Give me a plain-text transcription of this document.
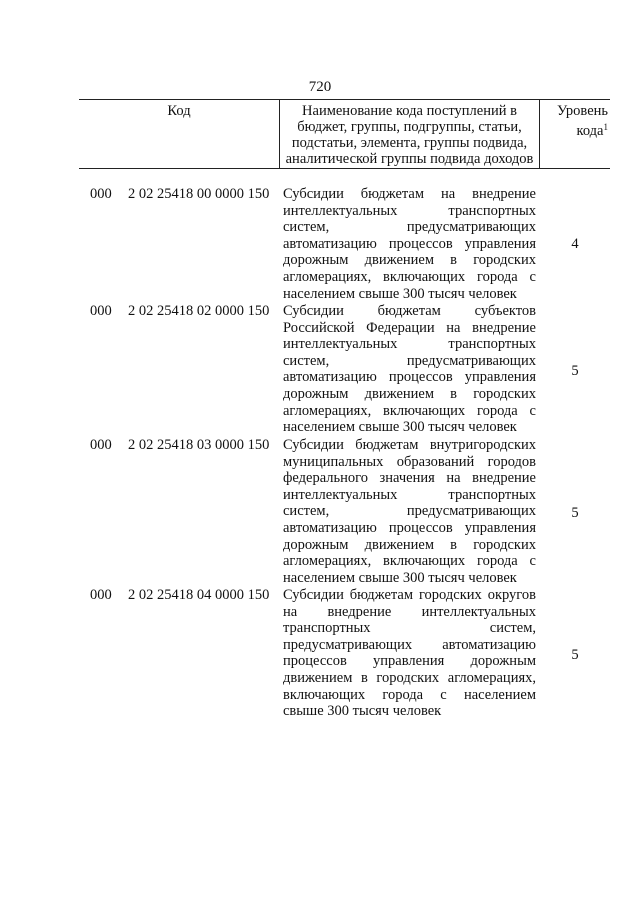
720
Код	Наименование кода поступлений в
бюджет, группы, подгруппы, статьи,
подстатьи, элемента, группы подвида,
аналитической группы подвида доходов
Уровень
кода$^1$
000 2 02 25418 00 0000 150 Субсидии бюджетам на внедрение
интеллектуальных транспортных
систем, предусматривающих
автоматизацию процессов управления
дорожным движением в городских
агломерациях, включающих города с
населением свыше 300 тысяч человек
4
000 2 02 25418 02 0000 150 Субсидии бюджетам субъектов
Российской Федерации на внедрение
интеллектуальных транспортных
систем, предусматривающих
автоматизацию процессов управления
дорожным движением в городских
агломерациях, включающих города с
населением свыше 300 тысяч человек
5
000 2 02 25418 03 0000 150 Субсидии бюджетам внутригородских
муниципальных образований городов
федерального значения на внедрение
интеллектуальных транспортных
систем, предусматривающих
автоматизацию процессов управления
дорожным движением в городских
агломерациях, включающих города с
населением свыше 300 тысяч человек
5
000 2 02 25418 04 0000 150 Субсидии бюджетам городских округов
на внедрение интеллектуальных
транспортных систем,
предусматривающих автоматизацию
процессов управления дорожным
движением в городских агломерациях,
включающих города с населением
свыше 300 тысяч человек
5
